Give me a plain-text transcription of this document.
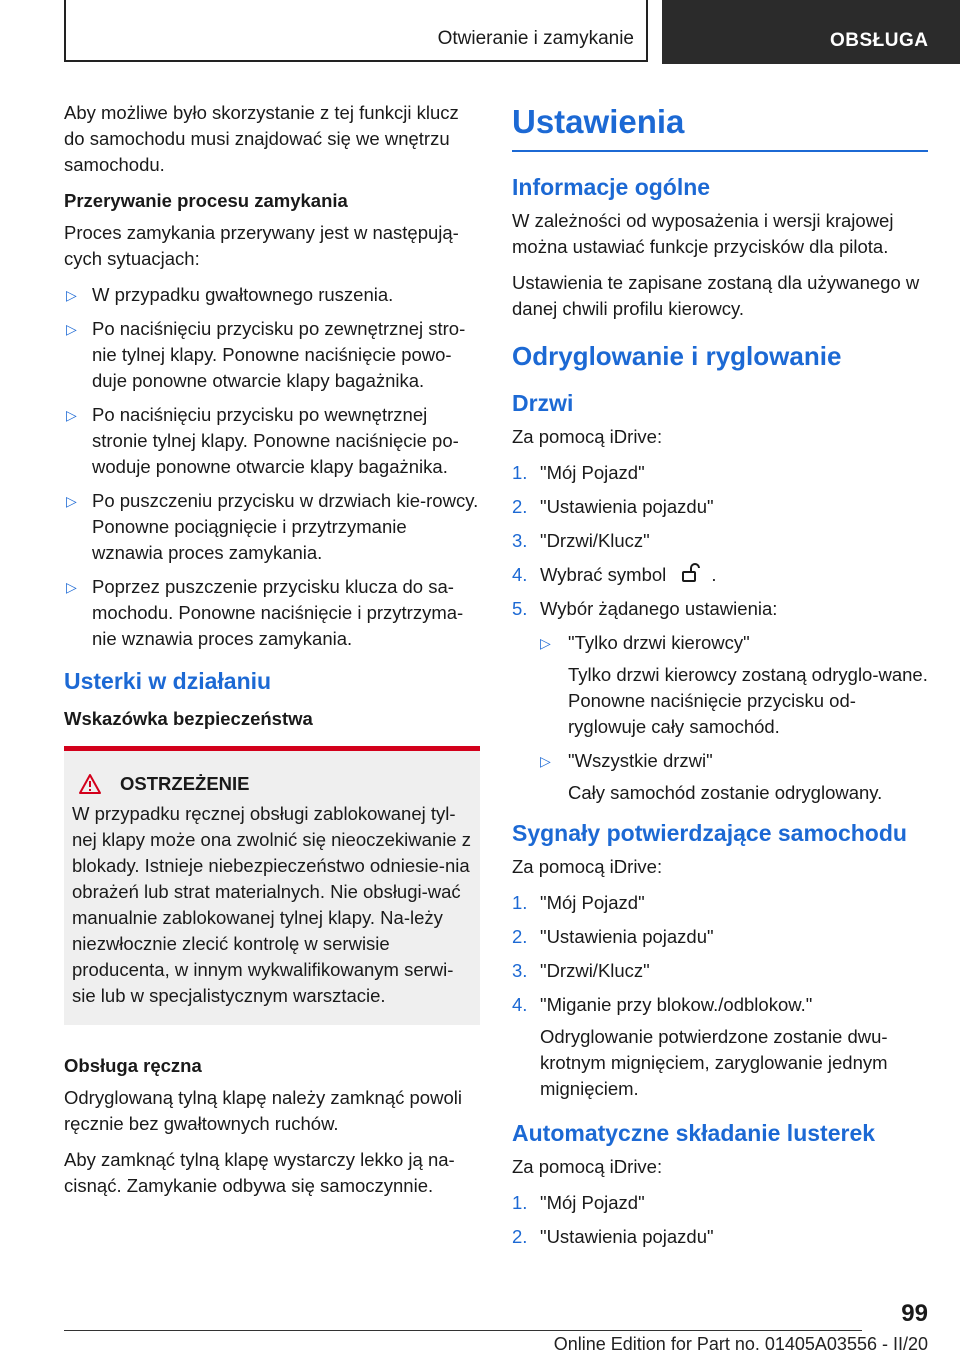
Otwieranie i zamykanie	OBSŁUGA

Aby możliwe było skorzystanie z tej funkcji klucz do samochodu musi znajdować się we wnętrzu samochodu.

Przerywanie procesu zamykania

Proces zamykania przerywany jest w następują-cych sytuacjach:

▷ W przypadku gwałtownego ruszenia.
▷ Po naciśnięciu przycisku po zewnętrznej stro-nie tylnej klapy. Ponowne naciśnięcie powo-duje ponowne otwarcie klapy bagażnika.
▷ Po naciśnięciu przycisku po wewnętrznej stronie tylnej klapy. Ponowne naciśnięcie po-woduje ponowne otwarcie klapy bagażnika.
▷ Po puszczeniu przycisku w drzwiach kie-rowcy. Ponowne pociągnięcie i przytrzymanie wznawia proces zamykania.
▷ Poprzez puszczenie przycisku klucza do sa-mochodu. Ponowne naciśnięcie i przytrzyma-nie wznawia proces zamykania.
Usterki w działaniu

Wskazówka bezpieczeństwa

OSTRZEŻENIE
W przypadku ręcznej obsługi zablokowanej tyl-nej klapy może ona zwolnić się nieoczekiwanie z blokady. Istnieje niebezpieczeństwo odniesie-nia obrażeń lub strat materialnych. Nie obsługi-wać manualnie zablokowanej tylnej klapy. Na-leży niezwłocznie zlecić kontrolę w serwisie producenta, w innym wykwalifikowanym serwi-sie lub w specjalistycznym warsztacie.

Obsługa ręczna

Odryglowaną tylną klapę należy zamknąć powoli ręcznie bez gwałtownych ruchów.

Aby zamknąć tylną klapę wystarczy lekko ją na-cisnąć. Zamykanie odbywa się samoczynnie.

Ustawienia
Informacje ogólne

W zależności od wyposażenia i wersji krajowej można ustawiać funkcje przycisków dla pilota.

Ustawienia te zapisane zostaną dla używanego w danej chwili profilu kierowcy.

Odryglowanie i ryglowanie
Drzwi

Za pomocą iDrive:

1. "Mój Pojazd"
2. "Ustawienia pojazdu"
3. "Drzwi/Klucz"
4. Wybrać symbol .
5. Wybór żądanego ustawienia:
▷ "Tylko drzwi kierowcy"
Tylko drzwi kierowcy zostaną odryglo-wane. Ponowne naciśnięcie przycisku od-ryglowuje cały samochód.
▷ "Wszystkie drzwi"
Cały samochód zostanie odryglowany.
Sygnały potwierdzające samochodu

Za pomocą iDrive:

1. "Mój Pojazd"
2. "Ustawienia pojazdu"
3. "Drzwi/Klucz"
4. "Miganie przy blokow./odblokow."
Odryglowanie potwierdzone zostanie dwu-krotnym mignięciem, zaryglowanie jednym mignięciem.
Automatyczne składanie lusterek

Za pomocą iDrive:

1. "Mój Pojazd"
2. "Ustawienia pojazdu"
99
Online Edition for Part no. 01405A03556 - II/20
